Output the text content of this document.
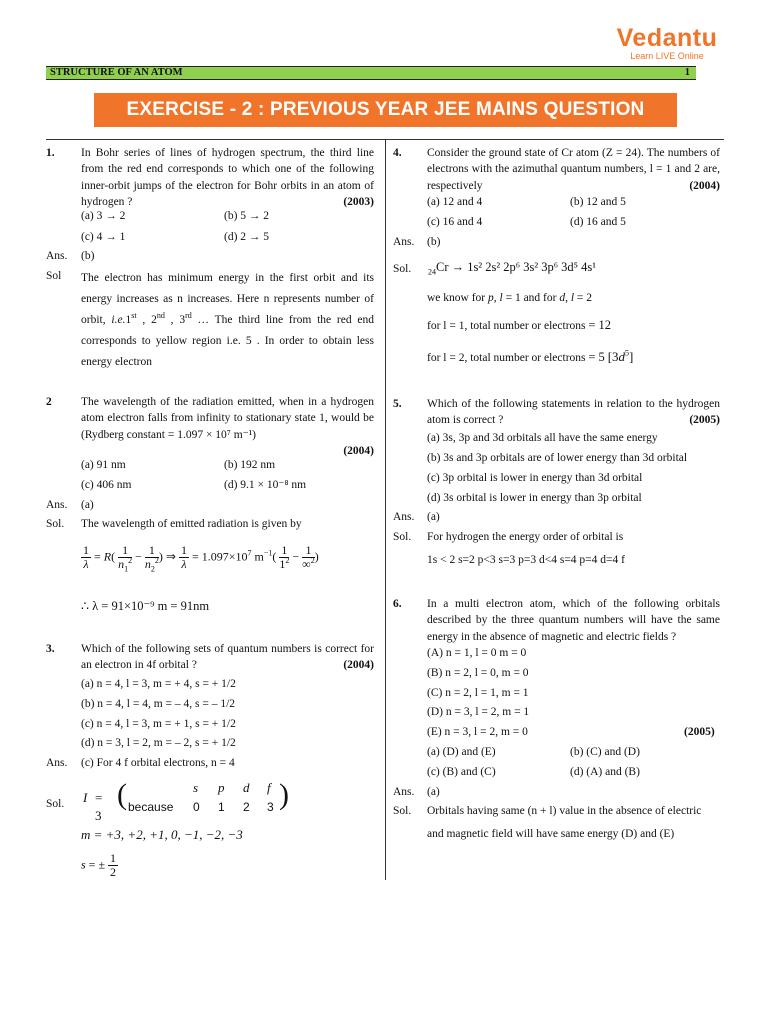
Vedantu
Learn LIVE Online
STRUCTURE OF AN ATOM	1
EXERCISE - 2 : PREVIOUS YEAR JEE MAINS QUESTION
1. In Bohr series of lines of hydrogen spectrum, the third line from the red end corresponds to which one of the following inner-orbit jumps of the electron for Bohr orbits in an atom of hydrogen ?	(2003)
(a) 3 → 2	(b) 5 → 2
(c) 4 → 1	(d) 2 → 5
Ans. (b)
Sol The electron has minimum energy in the first orbit and its energy increases as n increases. Here n represents number of orbit, i.e.1st , 2nd , 3rd … The third line from the red end corresponds to yellow region i.e. 5 . In order to obtain less energy electron
2	The wavelength of the radiation emitted, when in a hydrogen atom electron falls from infinity to stationary state 1, would be (Rydberg constant = 1.097 × 10⁷ m⁻¹)
(2004)
(a) 91 nm	(b) 192 nm
(c) 406 nm	(d) 9.1 × 10⁻⁸ nm
Ans. (a)
Sol. The wavelength of emitted radiation is given by
$\frac{1}{\lambda} = R( \frac{1}{n_1^2} - \frac{1}{n_2^2}$ ) ⇒ $\frac{1}{\lambda} = 1.097\times 10^7$ $m^{-1}( \frac{1}{1^2} - \frac{1}{\infty^2}$ )
∴ λ = 91×10⁻⁹ m = 91nm
3. Which of the following sets of quantum numbers is correct for an electron in 4f orbital ?	(2004)
(a) n = 4, l = 3, m = + 4, s = + 1/2
(b) n = 4, l = 4, m = – 4, s = – 1/2
(c) n = 4, l = 3, m = + 1, s = + 1/2
(d) n = 3, l = 2, m = – 2, s = + 1/2
Ans. (c) For 4 f orbital electrons, n = 4
Sol. I = 3
(	s p d f
because 0 1 2 3 )
m = +3, +2, +1, 0, −1, −2, −3
s = ± $\frac{1}{2}$
4. Consider the ground state of Cr atom (Z = 24). The numbers of electrons with the azimuthal quantum numbers, l = 1 and 2 are, respectively	(2004)
(a) 12 and 4	(b) 12 and 5
(c) 16 and 4	(d) 16 and 5
Ans. (b)
Sol. $_{24}$Cr → 1s² 2s² 2p⁶ 3s² 3p⁶ 3d⁵ 4s¹
we know for p, l = 1 and for d, l = 2
for l = 1, total number or electrons = 12
for l = 2, total number or electrons = 5 $[3d^5]$
5. Which of the following statements in relation to the hydrogen atom is correct ?	(2005)
(a) 3s, 3p and 3d orbitals all have the same energy
(b) 3s and 3p orbitals are of lower energy than 3d orbital
(c) 3p orbital is lower in energy than 3d orbital
(d) 3s orbital is lower in energy than 3p orbital
Ans. (a)
Sol. For hydrogen the energy order of orbital is
1s < 2 s=2 p<3 s=3 p=3 d<4 s=4 p=4 d=4 f
6. In a multi electron atom, which of the following orbitals described by the three quantum numbers will have the same energy in the absence of magnetic and electric fields ?
(A) n = 1, l = 0 m = 0
(B) n = 2, l = 0, m = 0
(C) n = 2, l = 1, m = 1
(D) n = 3, l = 2, m = 1
(E) n = 3, l = 2, m = 0	(2005)
(a) (D) and (E)	(b) (C) and (D)
(c) (B) and (C)	(d) (A) and (B)
Ans. (a)
Sol. Orbitals having same (n + l) value in the absence of electric
and magnetic field will have same energy (D) and (E)
